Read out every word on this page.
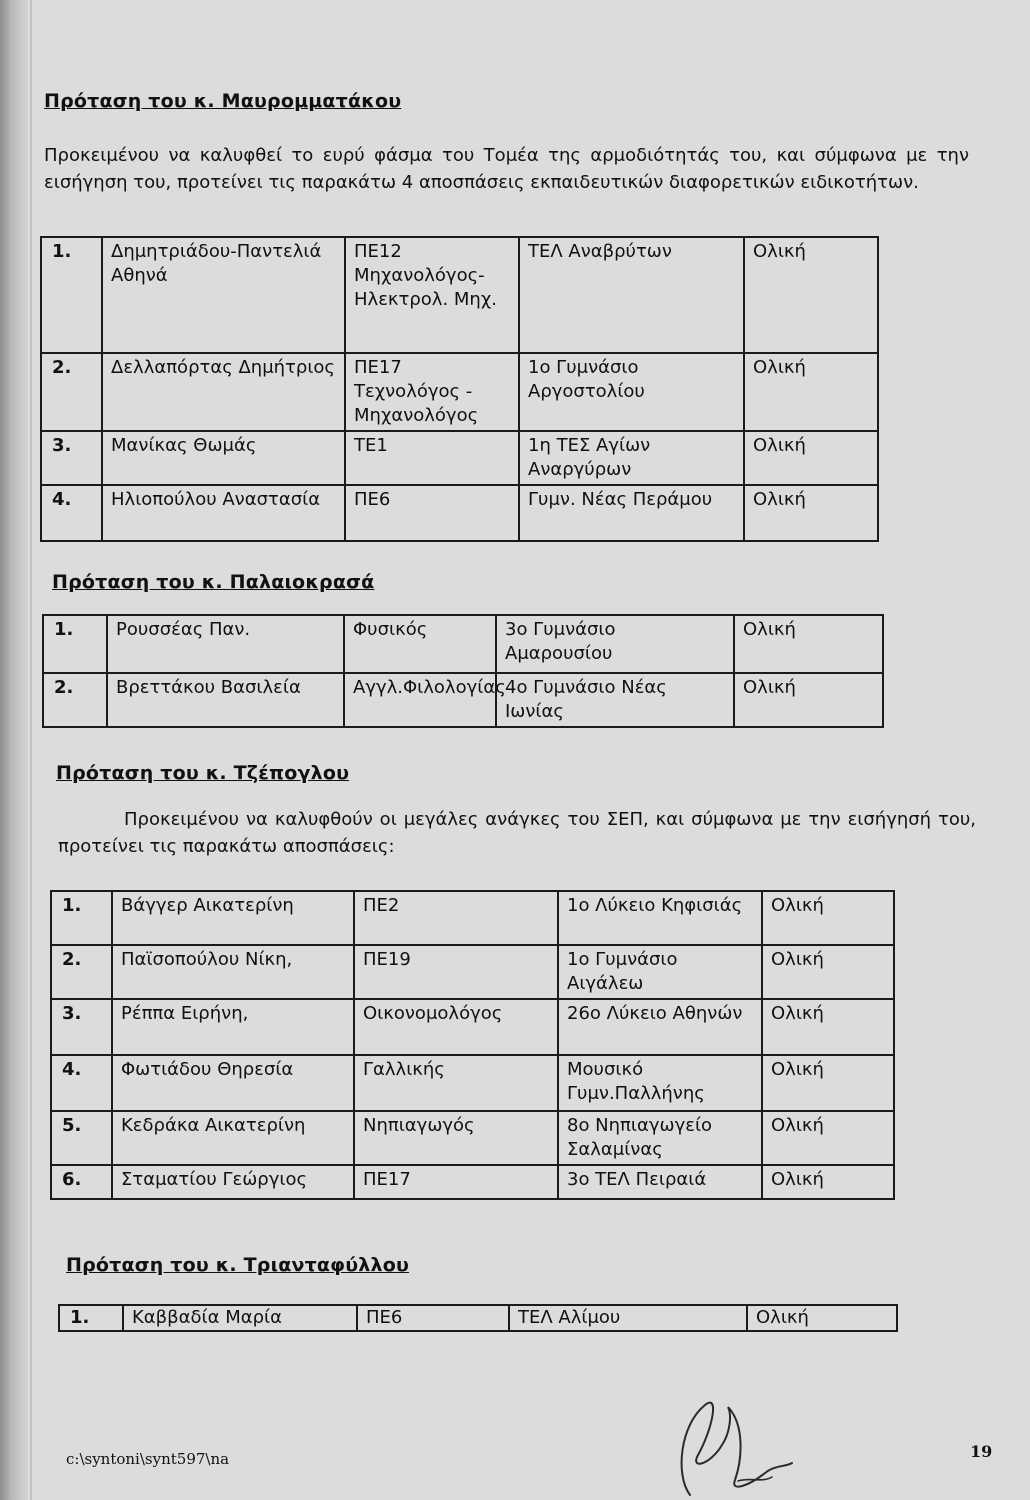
Πρόταση του κ. Μαυρομματάκου
Προκειμένου να καλυφθεί το ευρύ φάσμα του Τομέα της αρμοδιότητάς του, και σύμφωνα με την εισήγηση του, προτείνει τις παρακάτω 4 αποσπάσεις εκπαιδευτικών διαφορετικών ειδικοτήτων.
1.	Δημητριάδου-Παντελιά Αθηνά	ΠΕ12 Μηχανολόγος-Ηλεκτρολ. Μηχ.	ΤΕΛ Αναβρύτων	Ολική
2.	Δελλαπόρτας Δημήτριος	ΠΕ17 Τεχνολόγος - Μηχανολόγος	1ο Γυμνάσιο Αργοστολίου	Ολική
3.	Μανίκας Θωμάς	ΤΕ1	1η ΤΕΣ Αγίων Αναργύρων	Ολική
4.	Ηλιοπούλου Αναστασία	ΠΕ6	Γυμν. Νέας Περάμου	Ολική
Πρόταση του κ. Παλαιοκρασά
1.	Ρουσσέας Παν.	Φυσικός	3ο Γυμνάσιο Αμαρουσίου	Ολική
2.	Βρεττάκου Βασιλεία	Αγγλ.Φιλολογίας	4ο Γυμνάσιο Νέας Ιωνίας	Ολική
Πρόταση του κ. Τζέπογλου
Προκειμένου να καλυφθούν οι μεγάλες ανάγκες του ΣΕΠ, και σύμφωνα με την εισήγησή του, προτείνει τις παρακάτω αποσπάσεις:
1.	Βάγγερ Αικατερίνη	ΠΕ2	1ο Λύκειο Κηφισιάς	Ολική
2.	Παϊσοπούλου Νίκη,	ΠΕ19	1ο Γυμνάσιο Αιγάλεω	Ολική
3.	Ρέππα Ειρήνη,	Οικονομολόγος	26ο Λύκειο Αθηνών	Ολική
4.	Φωτιάδου Θηρεσία	Γαλλικής	Μουσικό Γυμν.Παλλήνης	Ολική
5.	Κεδράκα Αικατερίνη	Νηπιαγωγός	8ο Νηπιαγωγείο Σαλαμίνας	Ολική
6.	Σταματίου Γεώργιος	ΠΕ17	3ο ΤΕΛ Πειραιά	Ολική
Πρόταση του κ. Τριανταφύλλου
1.	Καββαδία Μαρία	ΠΕ6	ΤΕΛ Αλίμου	Ολική
c:\syntoni\synt597\na	19
